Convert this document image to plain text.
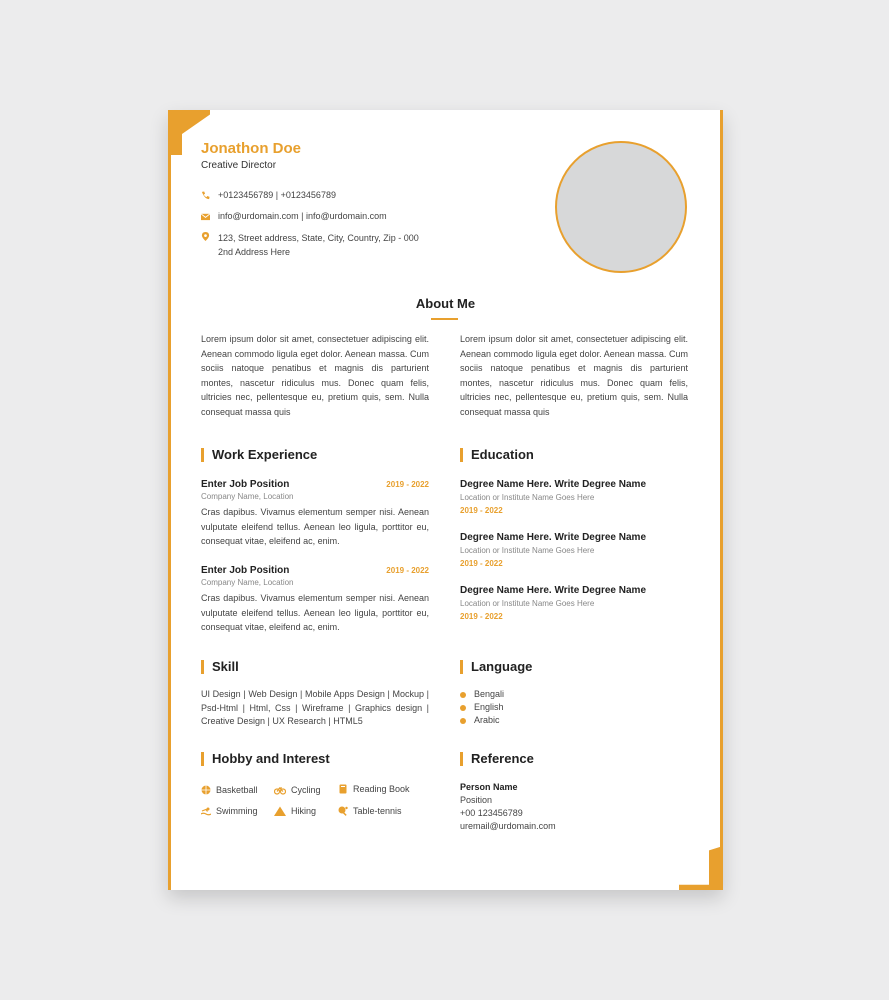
Jonathon Doe
Creative Director
+0123456789 | +0123456789
info@urdomain.com | info@urdomain.com
123, Street address, State, City, Country, Zip - 000
2nd Address Here
About Me
Lorem ipsum dolor sit amet, consectetuer adipiscing elit. Aenean commodo ligula eget dolor. Aenean massa. Cum sociis natoque penatibus et magnis dis parturient montes, nascetur ridiculus mus. Donec quam felis, ultricies nec, pellentesque eu, pretium quis, sem. Nulla consequat massa quis
Lorem ipsum dolor sit amet, consectetuer adipiscing elit. Aenean commodo ligula eget dolor. Aenean massa. Cum sociis natoque penatibus et magnis dis parturient montes, nascetur ridiculus mus. Donec quam felis, ultricies nec, pellentesque eu, pretium quis, sem. Nulla consequat massa quis
Work Experience
Enter Job Position	2019 - 2022
Company Name, Location
Cras dapibus. Vivamus elementum semper nisi. Aenean vulputate eleifend tellus. Aenean leo ligula, porttitor eu, consequat vitae, eleifend ac, enim.
Enter Job Position	2019 - 2022
Company Name, Location
Cras dapibus. Vivamus elementum semper nisi. Aenean vulputate eleifend tellus. Aenean leo ligula, porttitor eu, consequat vitae, eleifend ac, enim.
Education
Degree Name Here. Write Degree Name
Location or Institute Name Goes Here
2019 - 2022
Degree Name Here. Write Degree Name
Location or Institute Name Goes Here
2019 - 2022
Degree Name Here. Write Degree Name
Location or Institute Name Goes Here
2019 - 2022
Skill
UI Design | Web Design | Mobile Apps Design | Mockup | Psd-Html | Html, Css | Wireframe | Graphics design | Creative Design | UX Research | HTML5
Language
Bengali
English
Arabic
Hobby and Interest
Basketball	Cycling	Reading Book
Swimming	Hiking	Table-tennis
Reference
Person Name
Position
+00 123456789
uremail@urdomain.com
